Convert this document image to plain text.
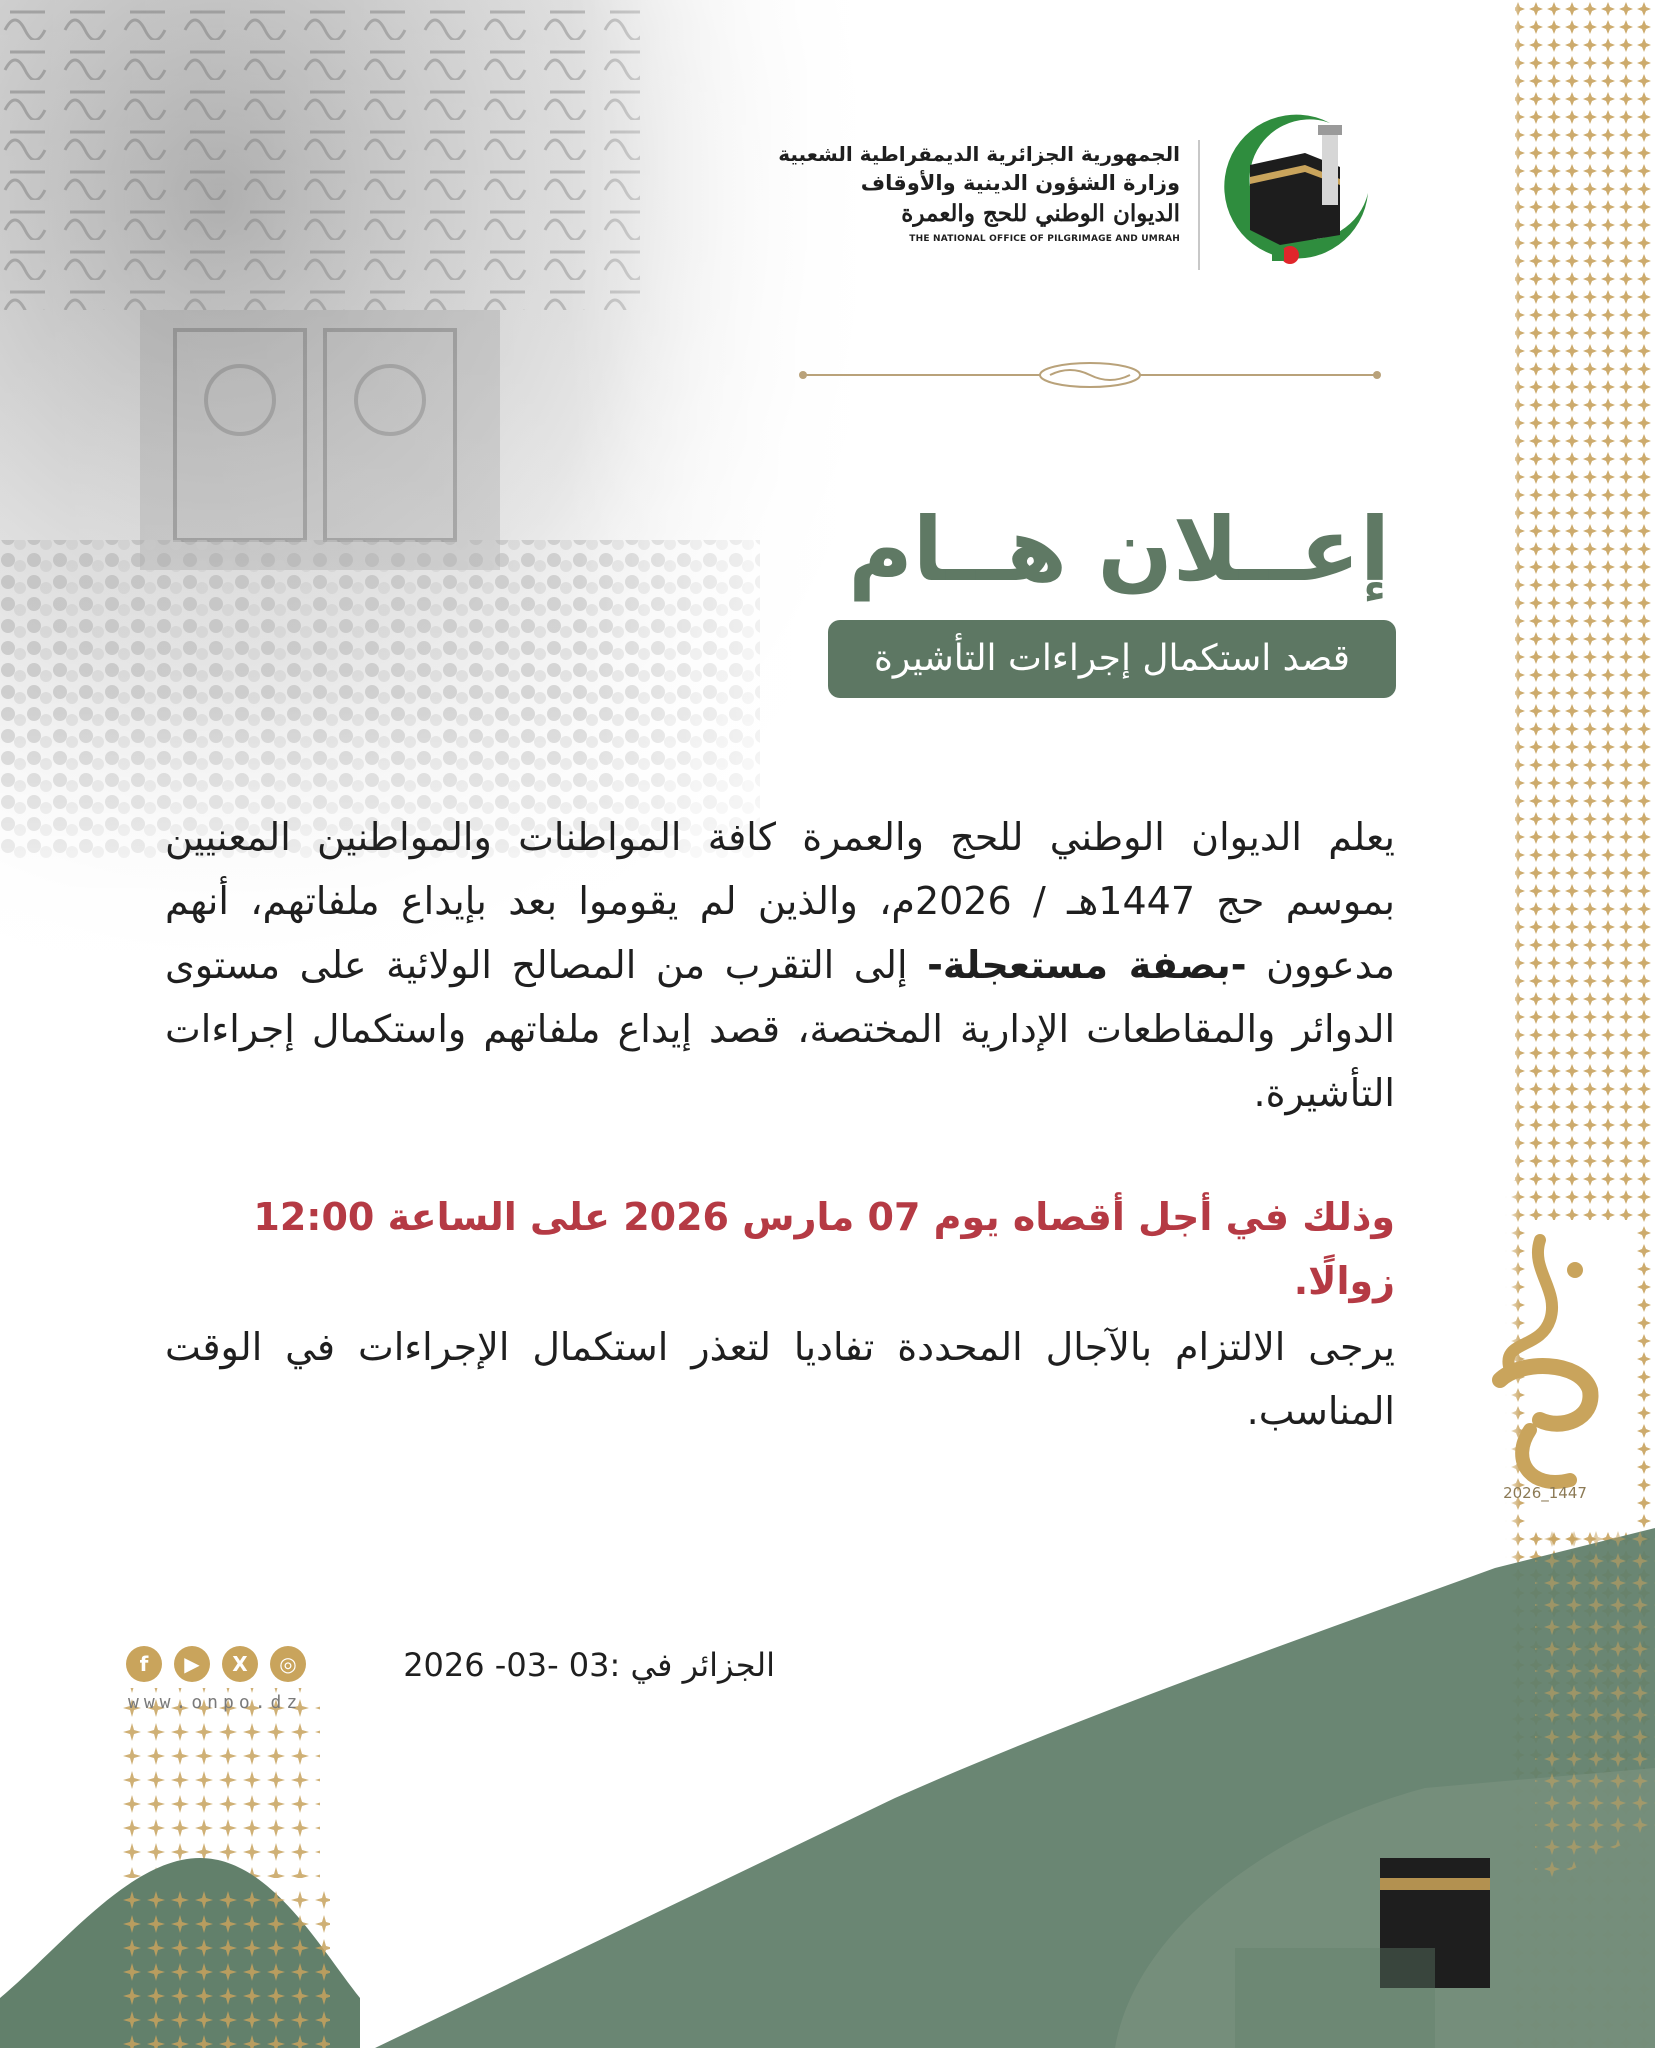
الجمهورية الجزائرية الديمقراطية الشعبية
وزارة الشؤون الدينية والأوقاف
الديوان الوطني للحج والعمرة
THE NATIONAL OFFICE OF PILGRIMAGE AND UMRAH
إعــلان هــام
قصد استكمال إجراءات التأشيرة
يعلم الديوان الوطني للحج والعمرة كافة المواطنات والمواطنين المعنيين بموسم حج 1447هـ / 2026م، والذين لم يقوموا بعد بإيداع ملفاتهم، أنهم مدعوون -بصفة مستعجلة- إلى التقرب من المصالح الولائية على مستوى الدوائر والمقاطعات الإدارية المختصة، قصد إيداع ملفاتهم واستكمال إجراءات التأشيرة.
وذلك في أجل أقصاه يوم 07 مارس 2026 على الساعة 12:00 زوالًا.
يرجى الالتزام بالآجال المحددة تفاديا لتعذر استكمال الإجراءات في الوقت المناسب.
الجزائر في :03 -03- 2026
f	▶	X	◎
www.onpo.dz
2026_1447
